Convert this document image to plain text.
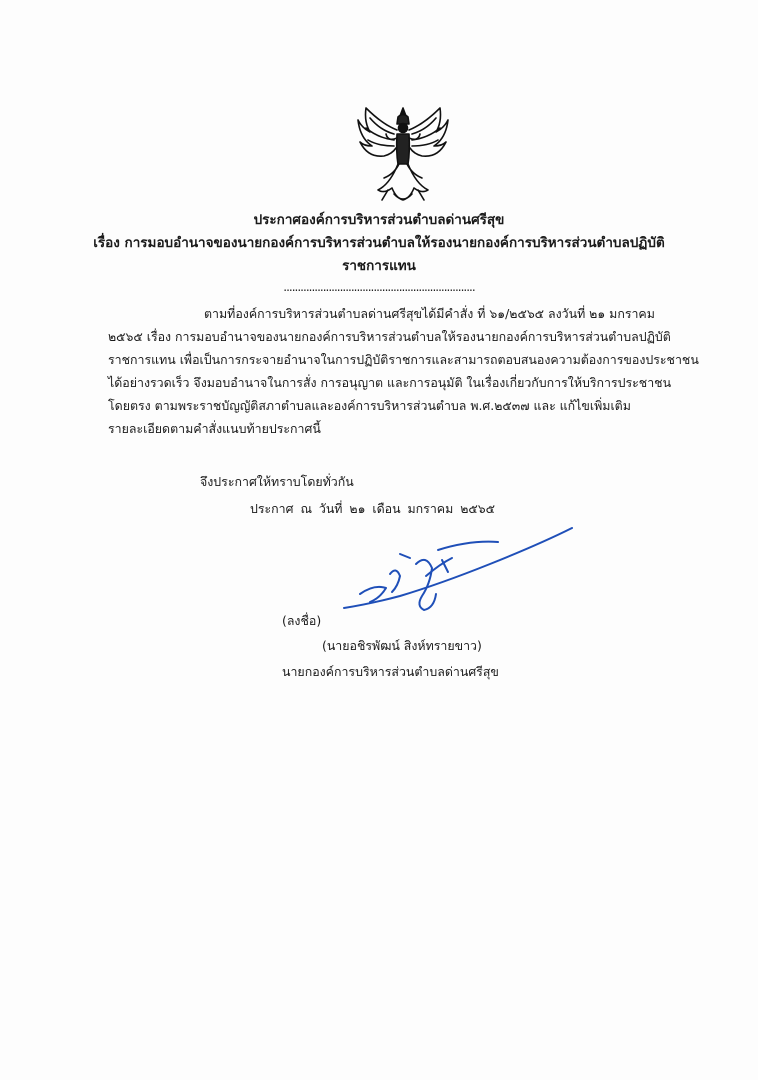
ประกาศองค์การบริหารส่วนตำบลด่านศรีสุข
เรื่อง การมอบอำนาจของนายกองค์การบริหารส่วนตำบลให้รองนายกองค์การบริหารส่วนตำบลปฏิบัติ
ราชการแทน
....................................................................

ตามที่องค์การบริหารส่วนตำบลด่านศรีสุขได้มีคำสั่ง ที่ ๖๑/๒๕๖๕ ลงวันที่ ๒๑ มกราคม

๒๕๖๕ เรื่อง การมอบอำนาจของนายกองค์การบริหารส่วนตำบลให้รองนายกองค์การบริหารส่วนตำบลปฏิบัติ

ราชการแทน เพื่อเป็นการกระจายอำนาจในการปฏิบัติราชการและสามารถตอบสนองความต้องการของประชาชน

ได้อย่างรวดเร็ว จึงมอบอำนาจในการสั่ง การอนุญาต และการอนุมัติ ในเรื่องเกี่ยวกับการให้บริการประชาชน

โดยตรง ตามพระราชบัญญัติสภาตำบลและองค์การบริหารส่วนตำบล พ.ศ.๒๕๓๗ และ แก้ไขเพิ่มเติม

รายละเอียดตามคำสั่งแนบท้ายประกาศนี้

จึงประกาศให้ทราบโดยทั่วกัน
ประกาศ ณ วันที่ ๒๑ เดือน มกราคม ๒๕๖๕
(ลงชื่อ)
(นายอชิรพัฒน์ สิงห์ทรายขาว)
นายกองค์การบริหารส่วนตำบลด่านศรีสุข
